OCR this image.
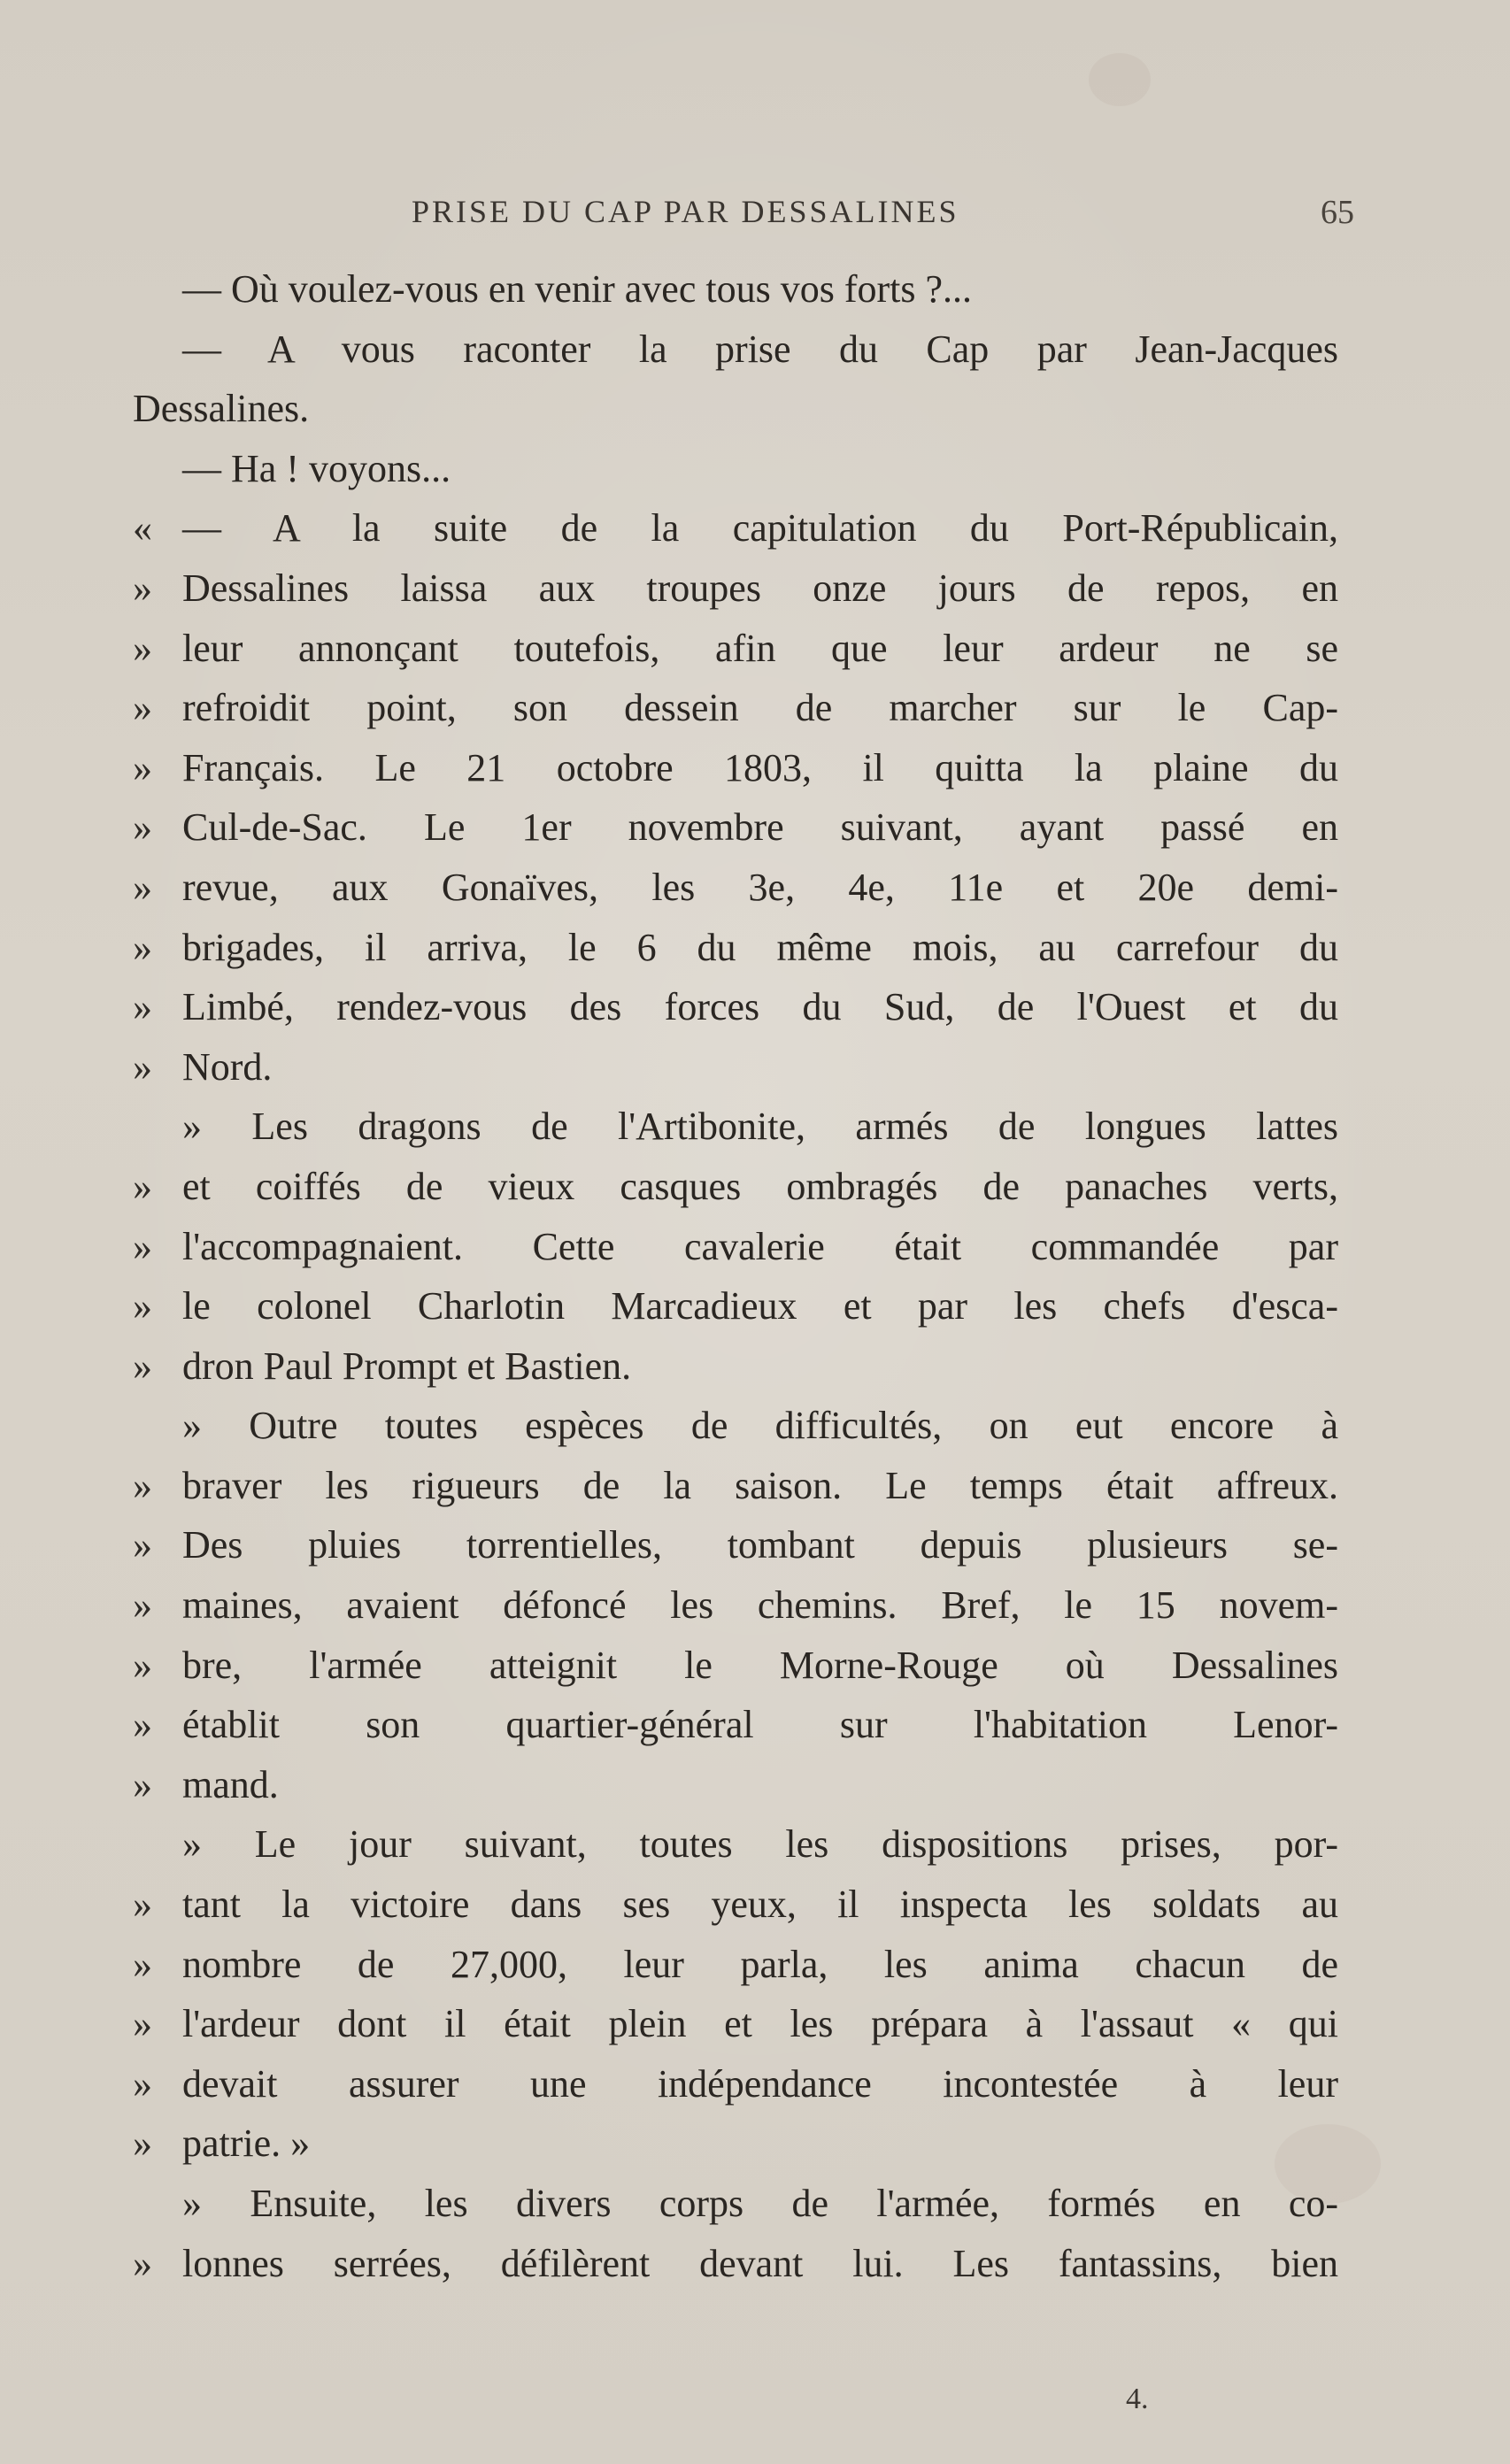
PRISE DU CAP PAR DESSALINES	65
— Où voulez-vous en venir avec tous vos forts ?...
— A vous raconter la prise du Cap par Jean-Jacques
Dessalines.
— Ha ! voyons...
« — A la suite de la capitulation du Port-Républicain,
» Dessalines laissa aux troupes onze jours de repos, en
» leur annonçant toutefois, afin que leur ardeur ne se
» refroidit point, son dessein de marcher sur le Cap-
» Français. Le 21 octobre 1803, il quitta la plaine du
» Cul-de-Sac. Le 1er novembre suivant, ayant passé en
» revue, aux Gonaïves, les 3e, 4e, 11e et 20e demi-
» brigades, il arriva, le 6 du même mois, au carrefour du
» Limbé, rendez-vous des forces du Sud, de l'Ouest et du
» Nord.
» Les dragons de l'Artibonite, armés de longues lattes
» et coiffés de vieux casques ombragés de panaches verts,
» l'accompagnaient. Cette cavalerie était commandée par
» le colonel Charlotin Marcadieux et par les chefs d'esca-
» dron Paul Prompt et Bastien.
» Outre toutes espèces de difficultés, on eut encore à
» braver les rigueurs de la saison. Le temps était affreux.
» Des pluies torrentielles, tombant depuis plusieurs se-
» maines, avaient défoncé les chemins. Bref, le 15 novem-
» bre, l'armée atteignit le Morne-Rouge où Dessalines
» établit son quartier-général sur l'habitation Lenor-
» mand.
» Le jour suivant, toutes les dispositions prises, por-
» tant la victoire dans ses yeux, il inspecta les soldats au
» nombre de 27,000, leur parla, les anima chacun de
» l'ardeur dont il était plein et les prépara à l'assaut « qui
» devait assurer une indépendance incontestée à leur
» patrie. »
» Ensuite, les divers corps de l'armée, formés en co-
» lonnes serrées, défilèrent devant lui. Les fantassins, bien
4.
